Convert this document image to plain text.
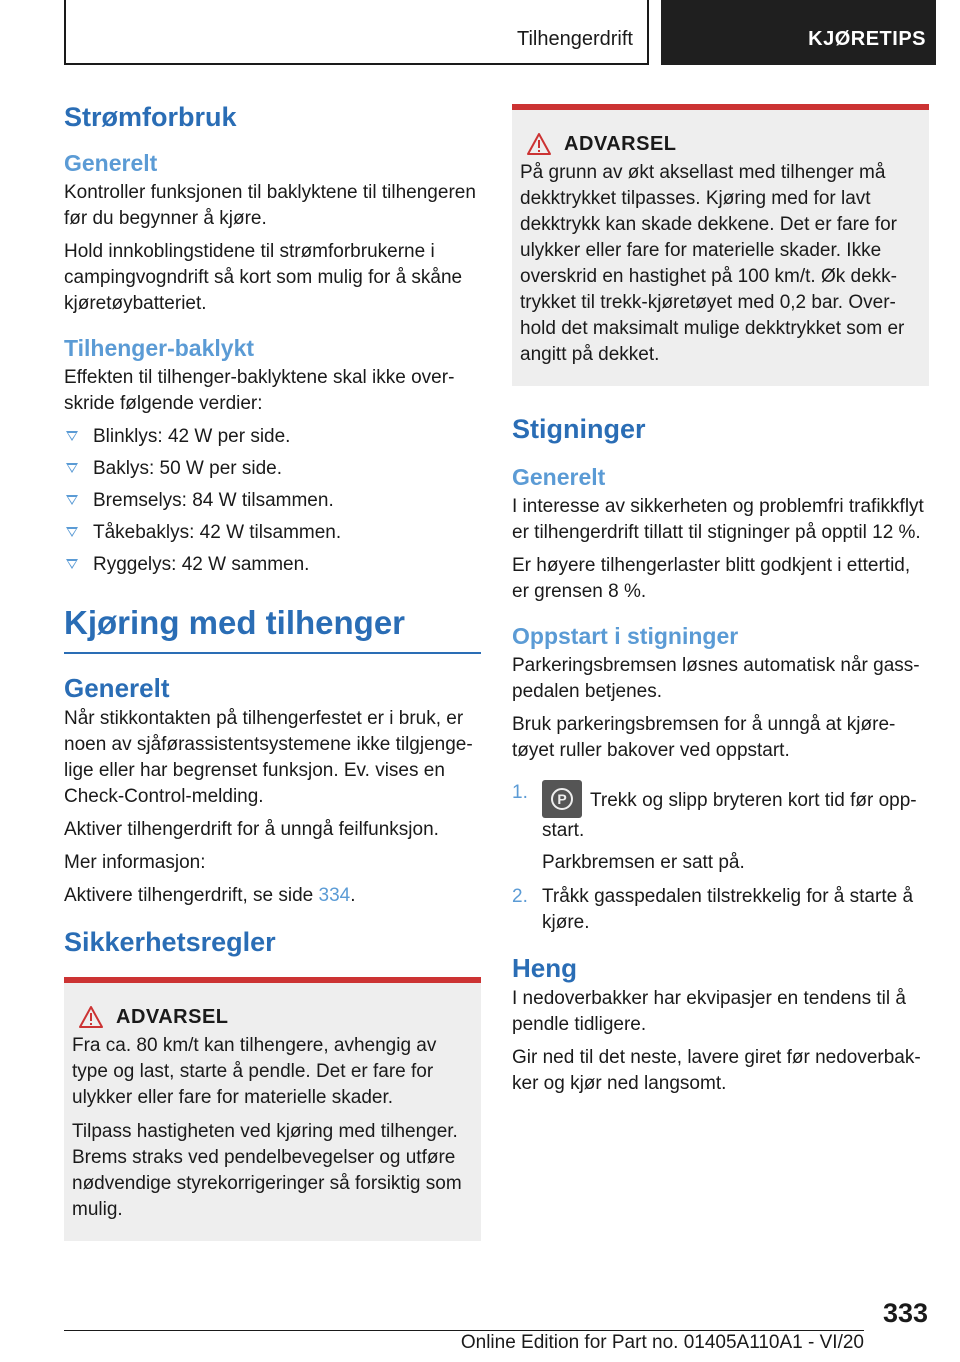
Tilhengerdrift	KJØRETIPS
Strømforbruk
Generelt

Kontroller funksjonen til baklyktene til tilhengeren før du begynner å kjøre.

Hold innkoblingstidene til strømforbrukerne i campingvogndrift så kort som mulig for å skåne kjøretøybatteriet.

Tilhenger-baklykt

Effekten til tilhenger-baklyktene skal ikke over-skride følgende verdier:

Blinklys: 42 W per side.
Baklys: 50 W per side.
Bremselys: 84 W tilsammen.
Tåkebaklys: 42 W tilsammen.
Ryggelys: 42 W sammen.
Kjøring med tilhenger
Generelt

Når stikkontakten på tilhengerfestet er i bruk, er noen av sjåførassistentsystemene ikke tilgjenge-lige eller har begrenset funksjon. Ev. vises en Check-Control-melding.

Aktiver tilhengerdrift for å unngå feilfunksjon.

Mer informasjon:

Aktivere tilhengerdrift, se side 334.

Sikkerhetsregler
ADVARSEL

Fra ca. 80 km/t kan tilhengere, avhengig av type og last, starte å pendle. Det er fare for ulykker eller fare for materielle skader.

Tilpass hastigheten ved kjøring med tilhenger. Brems straks ved pendelbevegelser og utføre nødvendige styrekorrigeringer så forsiktig som mulig.

ADVARSEL

På grunn av økt aksellast med tilhenger må dekktrykket tilpasses. Kjøring med for lavt dekktrykk kan skade dekkene. Det er fare for ulykker eller fare for materielle skader. Ikke overskrid en hastighet på 100 km/t. Øk dekk-trykket til trekk-kjøretøyet med 0,2 bar. Over-hold det maksimalt mulige dekktrykket som er angitt på dekket.

Stigninger
Generelt

I interesse av sikkerheten og problemfri trafikkflyt er tilhengerdrift tillatt til stigninger på opptil 12 %.

Er høyere tilhengerlaster blitt godkjent i ettertid, er grensen 8 %.

Oppstart i stigninger

Parkeringsbremsen løsnes automatisk når gass-pedalen betjenes.

Bruk parkeringsbremsen for å unngå at kjøre-tøyet ruller bakover ved oppstart.

1.	P	Trekk og slipp bryteren kort tid før opp-start.
Parkbremsen er satt på.
2. Tråkk gasspedalen tilstrekkelig for å starte å kjøre.
Heng

I nedoverbakker har ekvipasjer en tendens til å pendle tidligere.

Gir ned til det neste, lavere giret før nedoverbak-ker og kjør ned langsomt.

333
Online Edition for Part no. 01405A110A1 - VI/20
